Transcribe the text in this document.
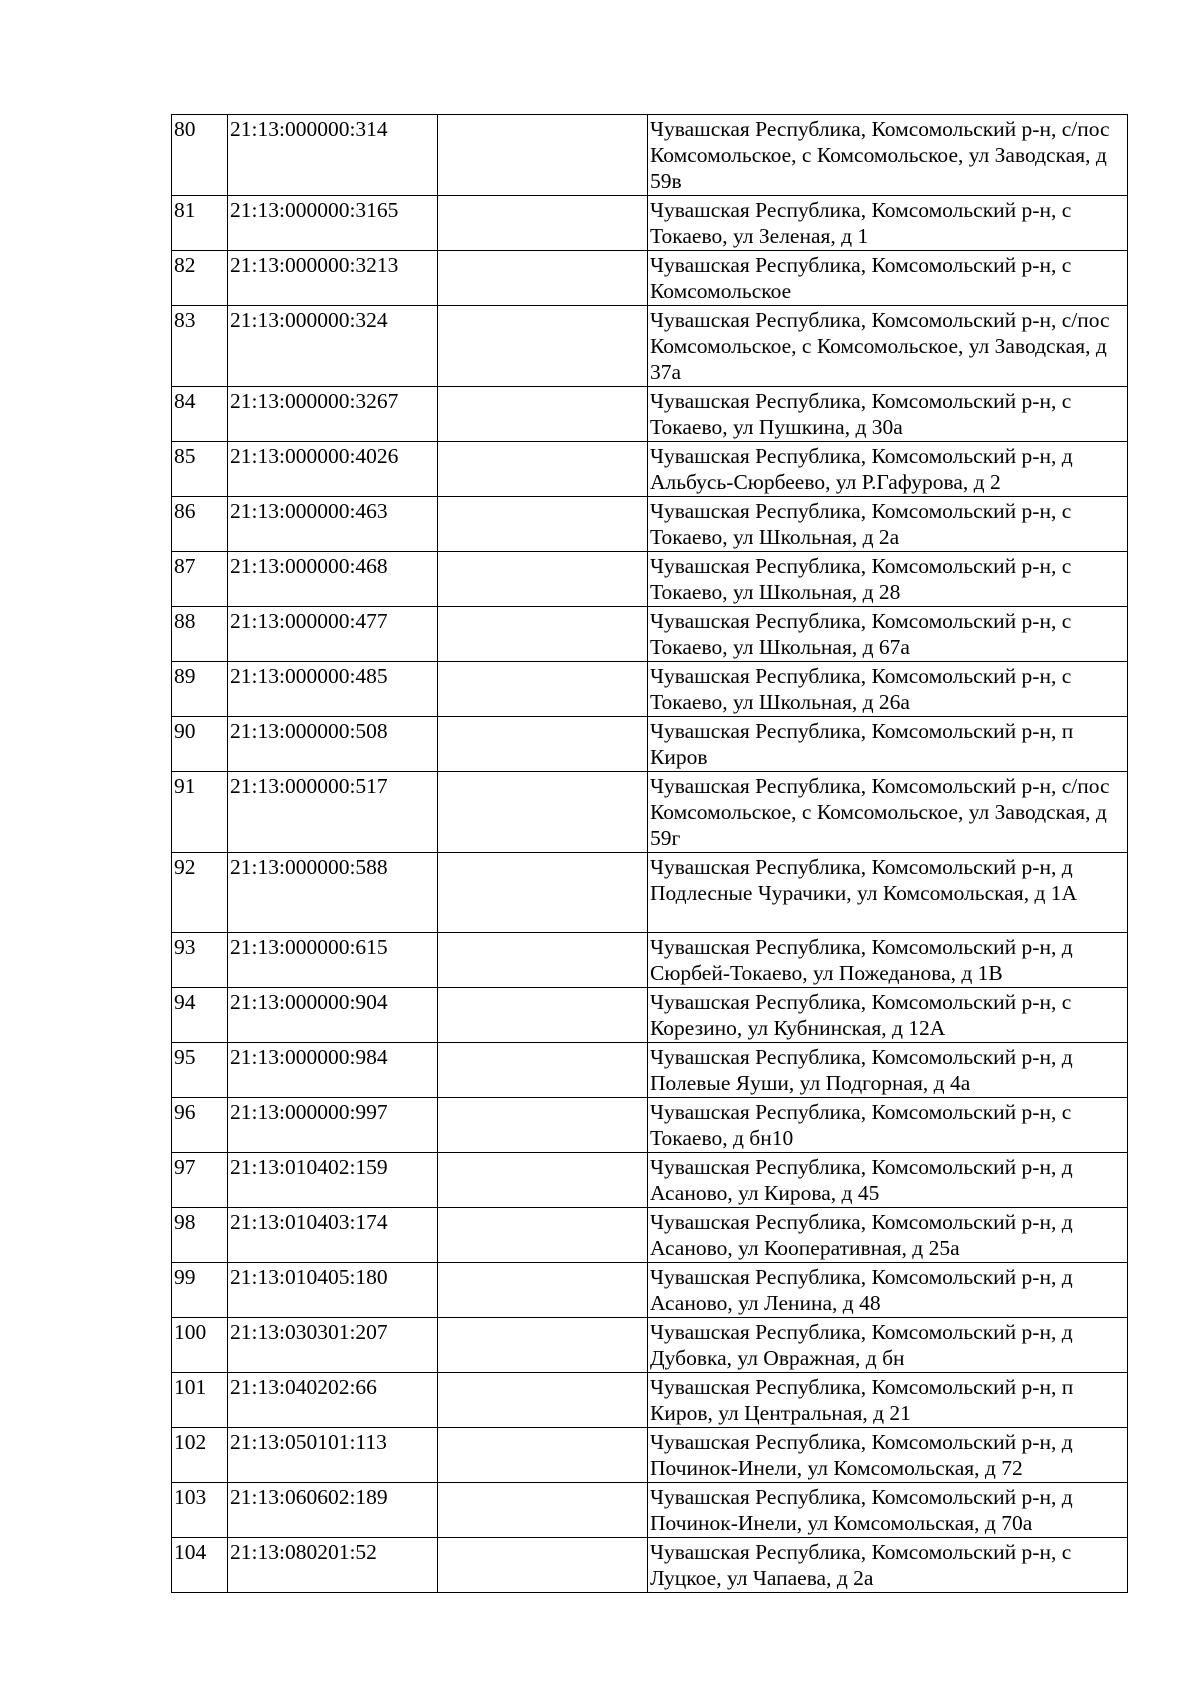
80	21:13:000000:314		Чувашская Республика, Комсомольский р-н, с/пос Комсомольское, с Комсомольское, ул Заводская, д 59в
81	21:13:000000:3165		Чувашская Республика, Комсомольский р-н, с Токаево, ул Зеленая, д 1
82	21:13:000000:3213		Чувашская Республика, Комсомольский р-н, с Комсомольское
83	21:13:000000:324		Чувашская Республика, Комсомольский р-н, с/пос Комсомольское, с Комсомольское, ул Заводская, д 37а
84	21:13:000000:3267		Чувашская Республика, Комсомольский р-н, с Токаево, ул Пушкина, д 30а
85	21:13:000000:4026		Чувашская Республика, Комсомольский р-н, д Альбусь-Сюрбеево, ул Р.Гафурова, д 2
86	21:13:000000:463		Чувашская Республика, Комсомольский р-н, с Токаево, ул Школьная, д 2а
87	21:13:000000:468		Чувашская Республика, Комсомольский р-н, с Токаево, ул Школьная, д 28
88	21:13:000000:477		Чувашская Республика, Комсомольский р-н, с Токаево, ул Школьная, д 67а
89	21:13:000000:485		Чувашская Республика, Комсомольский р-н, с Токаево, ул Школьная, д 26а
90	21:13:000000:508		Чувашская Республика, Комсомольский р-н, п Киров
91	21:13:000000:517		Чувашская Республика, Комсомольский р-н, с/пос Комсомольское, с Комсомольское, ул Заводская, д 59г
92	21:13:000000:588		Чувашская Республика, Комсомольский р-н, д Подлесные Чурачики, ул Комсомольская, д 1А
93	21:13:000000:615		Чувашская Республика, Комсомольский р-н, д Сюрбей-Токаево, ул Пожеданова, д 1В
94	21:13:000000:904		Чувашская Республика, Комсомольский р-н, с Корезино, ул Кубнинская, д 12А
95	21:13:000000:984		Чувашская Республика, Комсомольский р-н, д Полевые Яуши, ул Подгорная, д 4а
96	21:13:000000:997		Чувашская Республика, Комсомольский р-н, с Токаево, д бн10
97	21:13:010402:159		Чувашская Республика, Комсомольский р-н, д Асаново, ул Кирова, д 45
98	21:13:010403:174		Чувашская Республика, Комсомольский р-н, д Асаново, ул Кооперативная, д 25а
99	21:13:010405:180		Чувашская Республика, Комсомольский р-н, д Асаново, ул Ленина, д 48
100	21:13:030301:207		Чувашская Республика, Комсомольский р-н, д Дубовка, ул Овражная, д бн
101	21:13:040202:66		Чувашская Республика, Комсомольский р-н, п Киров, ул Центральная, д 21
102	21:13:050101:113		Чувашская Республика, Комсомольский р-н, д Починок-Инели, ул Комсомольская, д 72
103	21:13:060602:189		Чувашская Республика, Комсомольский р-н, д Починок-Инели, ул Комсомольская, д 70а
104	21:13:080201:52		Чувашская Республика, Комсомольский р-н, с Луцкое, ул Чапаева, д 2а
